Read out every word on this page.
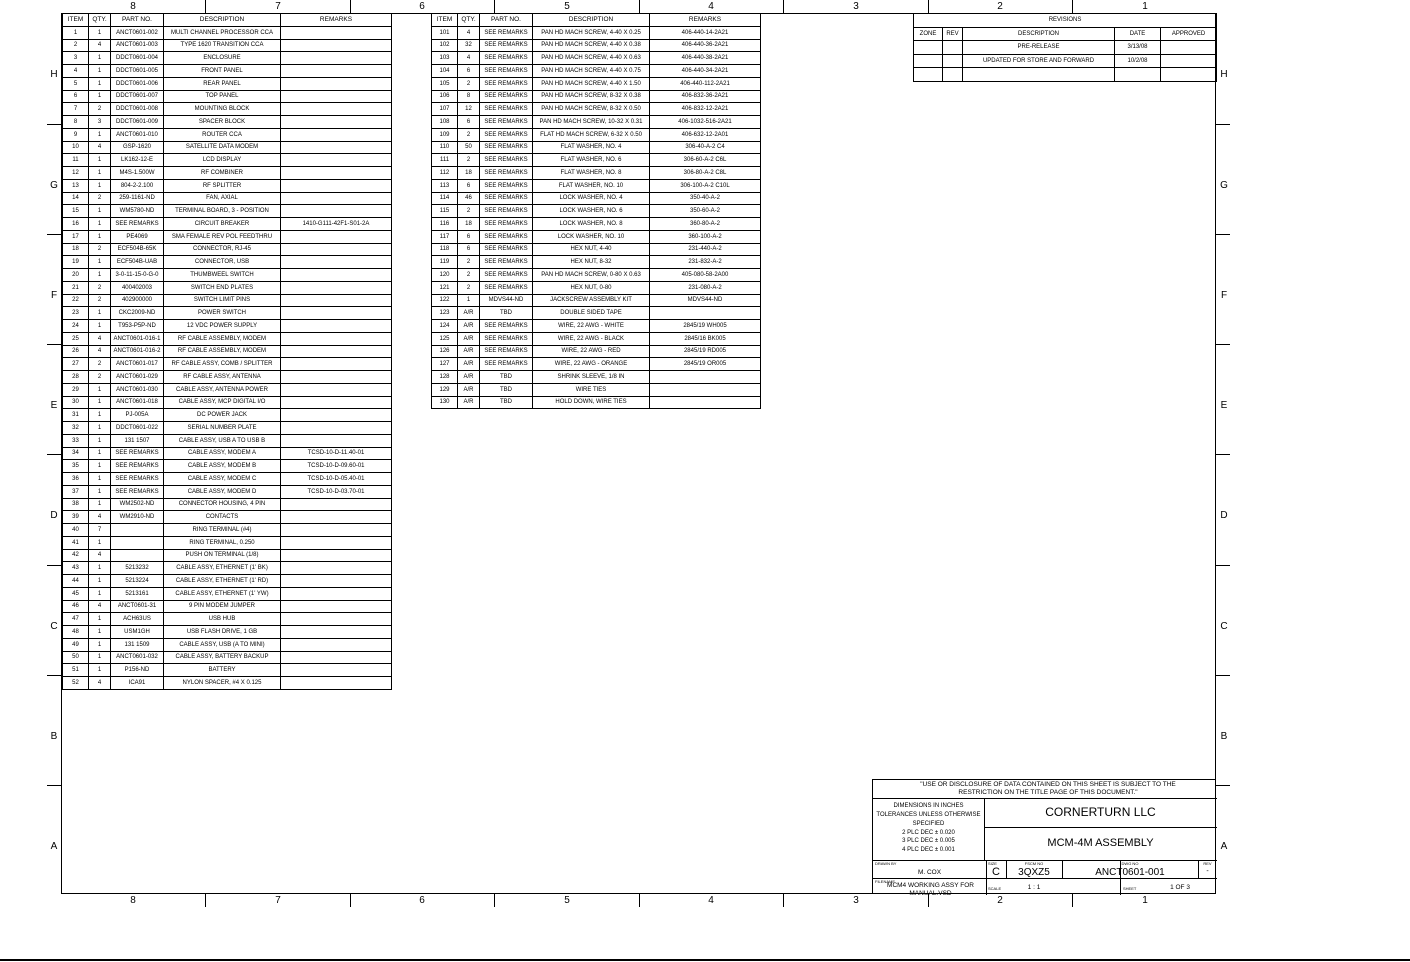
8	7	6	5	4	3	2	1
8	7	6	5	4	3	2	1
ITEM	QTY.	PART NO.	DESCRIPTION	REMARKS
1	1	ANCT0601-002	MULTI CHANNEL PROCESSOR CCA	
2	4	ANCT0601-003	TYPE 1620 TRANSITION CCA	
3	1	DDCT0601-004	ENCLOSURE	
4	1	DDCT0601-005	FRONT PANEL	
5	1	DDCT0601-006	REAR PANEL	
6	1	DDCT0601-007	TOP PANEL	
7	2	DDCT0601-008	MOUNTING BLOCK	
8	3	DDCT0601-009	SPACER BLOCK	
9	1	ANCT0601-010	ROUTER CCA	
10	4	GSP-1620	SATELLITE DATA MODEM	
11	1	LK162-12-E	LCD DISPLAY	
12	1	M4S-1.500W	RF COMBINER	
13	1	804-2-2.100	RF SPLITTER	
14	2	259-1161-ND	FAN, AXIAL	
15	1	WM5780-ND	TERMINAL BOARD, 3 - POSITION	
16	1	SEE REMARKS	CIRCUIT BREAKER	1410-G111-42F1-S01-2A
17	1	PE4069	SMA FEMALE REV POL FEEDTHRU	
18	2	ECF504B-65K	CONNECTOR, RJ-45	
19	1	ECF504B-UAB	CONNECTOR, USB	
20	1	3-0-11-15-0-G-0	THUMBWEEL SWITCH	
21	2	400402003	SWITCH END PLATES	
22	2	402900000	SWITCH LIMIT PINS	
23	1	CKC2009-ND	POWER SWITCH	
24	1	T953-P5P-ND	12 VDC POWER SUPPLY	
25	4	ANCT0601-016-1	RF CABLE ASSEMBLY, MODEM	
26	4	ANCT0601-016-2	RF CABLE ASSEMBLY, MODEM	
27	2	ANCT0601-017	RF CABLE ASSY, COMB / SPLITTER	
28	2	ANCT0601-029	RF CABLE ASSY, ANTENNA	
29	1	ANCT0601-030	CABLE ASSY, ANTENNA POWER	
30	1	ANCT0601-018	CABLE ASSY, MCP DIGITAL I/O	
31	1	PJ-005A	DC POWER JACK	
32	1	DDCT0601-022	SERIAL NUMBER PLATE	
33	1	131 1507	CABLE ASSY, USB A TO USB B	
34	1	SEE REMARKS	CABLE ASSY, MODEM A	TCSD-10-D-11.40-01
35	1	SEE REMARKS	CABLE ASSY, MODEM B	TCSD-10-D-09.60-01
36	1	SEE REMARKS	CABLE ASSY, MODEM C	TCSD-10-D-05.40-01
37	1	SEE REMARKS	CABLE ASSY, MODEM D	TCSD-10-D-03.70-01
38	1	WM2502-ND	CONNECTOR HOUSING, 4 PIN	
39	4	WM2910-ND	CONTACTS	
40	7		RING TERMINAL (#4)	
41	1		RING TERMINAL, 0.250	
42	4		PUSH ON TERMINAL (1/8)	
43	1	5213232	CABLE ASSY, ETHERNET (1' BK)	
44	1	5213224	CABLE ASSY, ETHERNET (1' RD)	
45	1	5213161	CABLE ASSY, ETHERNET (1' YW)	
46	4	ANCT0601-31	9 PIN MODEM JUMPER	
47	1	ACH63US	USB HUB	
48	1	USM1GH	USB FLASH DRIVE, 1 GB	
49	1	131 1509	CABLE ASSY, USB (A TO MINI)	
50	1	ANCT0601-032	CABLE ASSY, BATTERY BACKUP	
51	1	P156-ND	BATTERY	
52	4	ICA91	NYLON SPACER, #4 X 0.125	
ITEM	QTY.	PART NO.	DESCRIPTION	REMARKS
101	4	SEE REMARKS	PAN HD MACH SCREW, 4-40 X 0.25	406-440-14-2A21
102	32	SEE REMARKS	PAN HD MACH SCREW, 4-40 X 0.38	406-440-36-2A21
103	4	SEE REMARKS	PAN HD MACH SCREW, 4-40 X 0.63	406-440-38-2A21
104	6	SEE REMARKS	PAN HD MACH SCREW, 4-40 X 0.75	406-440-34-2A21
105	2	SEE REMARKS	PAN HD MACH SCREW, 4-40 X 1.50	406-440-112-2A21
106	8	SEE REMARKS	PAN HD MACH SCREW, 8-32 X 0.38	406-832-36-2A21
107	12	SEE REMARKS	PAN HD MACH SCREW, 8-32 X 0.50	406-832-12-2A21
108	6	SEE REMARKS	PAN HD MACH SCREW, 10-32 X 0.31	406-1032-516-2A21
109	2	SEE REMARKS	FLAT HD MACH SCREW, 6-32 X 0.50	406-632-12-2A01
110	50	SEE REMARKS	FLAT WASHER, NO. 4	306-40-A-2 C4
111	2	SEE REMARKS	FLAT WASHER, NO. 6	306-60-A-2 C6L
112	18	SEE REMARKS	FLAT WASHER, NO. 8	306-80-A-2 C8L
113	6	SEE REMARKS	FLAT WASHER, NO. 10	306-100-A-2 C10L
114	46	SEE REMARKS	LOCK WASHER, NO. 4	350-40-A-2
115	2	SEE REMARKS	LOCK WASHER, NO. 6	350-60-A-2
116	18	SEE REMARKS	LOCK WASHER, NO. 8	360-80-A-2
117	6	SEE REMARKS	LOCK WASHER, NO. 10	360-100-A-2
118	6	SEE REMARKS	HEX NUT, 4-40	231-440-A-2
119	2	SEE REMARKS	HEX NUT, 8-32	231-832-A-2
120	2	SEE REMARKS	PAN HD MACH SCREW, 0-80 X 0.63	405-080-58-2A00
121	2	SEE REMARKS	HEX NUT, 0-80	231-080-A-2
122	1	MDVS44-ND	JACKSCREW ASSEMBLY KIT	MDVS44-ND
123	A/R	TBD	DOUBLE SIDED TAPE	
124	A/R	SEE REMARKS	WIRE, 22 AWG - WHITE	2845/19 WH005
125	A/R	SEE REMARKS	WIRE, 22 AWG - BLACK	2845/16 BK005
126	A/R	SEE REMARKS	WIRE, 22 AWG - RED	2845/19 RD005
127	A/R	SEE REMARKS	WIRE, 22 AWG - ORANGE	2845/19 OR005
128	A/R	TBD	SHRINK SLEEVE, 1/8 IN	
129	A/R	TBD	WIRE TIES	
130	A/R	TBD	HOLD DOWN, WIRE TIES	
REVISIONS				
ZONE	REV	DESCRIPTION	DATE	APPROVED
		PRE-RELEASE	3/13/08	
		UPDATED FOR STORE AND FORWARD	10/2/08	

"USE OR DISCLOSURE OF DATA CONTAINED ON THIS SHEET IS SUBJECT TO THE RESTRICTION ON THE TITLE PAGE OF THIS DOCUMENT."
DIMENSIONS IN INCHES
TOLERANCES UNLESS OTHERWISE
SPECIFIED
2 PLC DEC ± 0.020
3 PLC DEC ± 0.005
4 PLC DEC ± 0.001
CORNERTURN LLC
MCM-4M ASSEMBLY
DRAWN BY
M. COX
SIZE
C
FSCM NO
3QXZ5
DWG NO
ANCT0601-001
REV
-
FILENAME
MCM4 WORKING ASSY FOR MANUAL.VSD
SCALE	1 : 1	SHEET	1 OF 3
H	H
G	G
F	F
E	E
D	D
C	C
B	B
A	A
